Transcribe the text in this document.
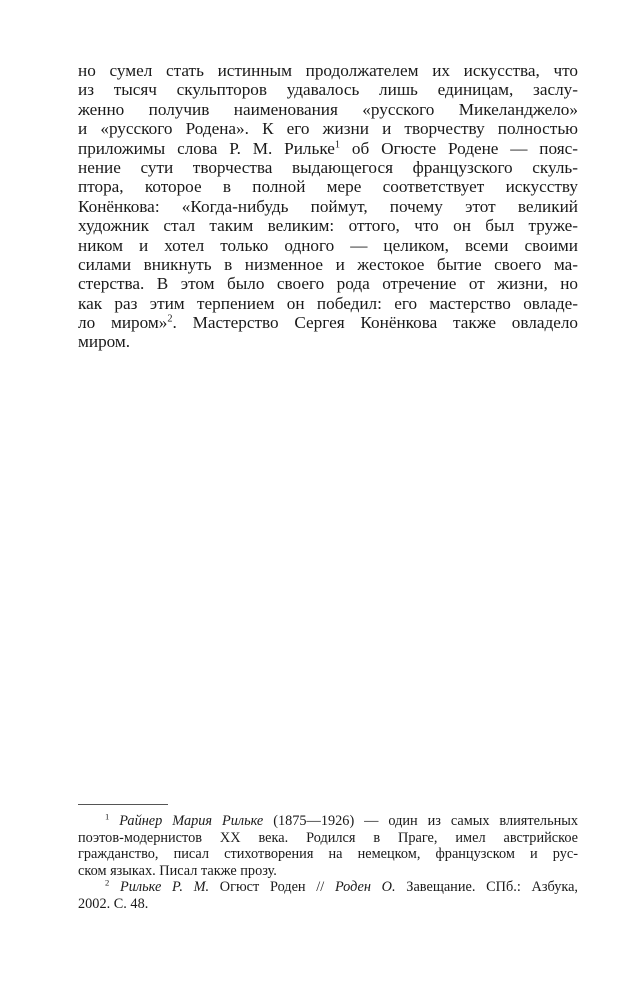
но сумел стать истинным продолжателем их искусства, что
из тысяч скульпторов удавалось лишь единицам, заслу-
женно получив наименования «русского Микеланджело»
и «русского Родена». К его жизни и творчеству полностью
приложимы слова Р. М. Рильке$^1$ об Огюсте Родене — пояс-
нение сути творчества выдающегося французского скуль-
птора, которое в полной мере соответствует искусству
Конёнкова: «Когда-нибудь поймут, почему этот великий
художник стал таким великим: оттого, что он был труже-
ником и хотел только одного — целиком, всеми своими
силами вникнуть в низменное и жестокое бытие своего ма-
стерства. В этом было своего рода отречение от жизни, но
как раз этим терпением он победил: его мастерство овладе-
ло миром»$^2$. Мастерство Сергея Конёнкова также овладело
миром.
$^1$ Райнер Мария Рильке (1875—1926) — один из самых влиятельных
поэтов-модернистов XX века. Родился в Праге, имел австрийское
гражданство, писал стихотворения на немецком, французском и рус-
ском языках. Писал также прозу.
$^2$ Рильке Р. М. Огюст Роден // Роден О. Завещание. СПб.: Азбука,
2002. С. 48.
